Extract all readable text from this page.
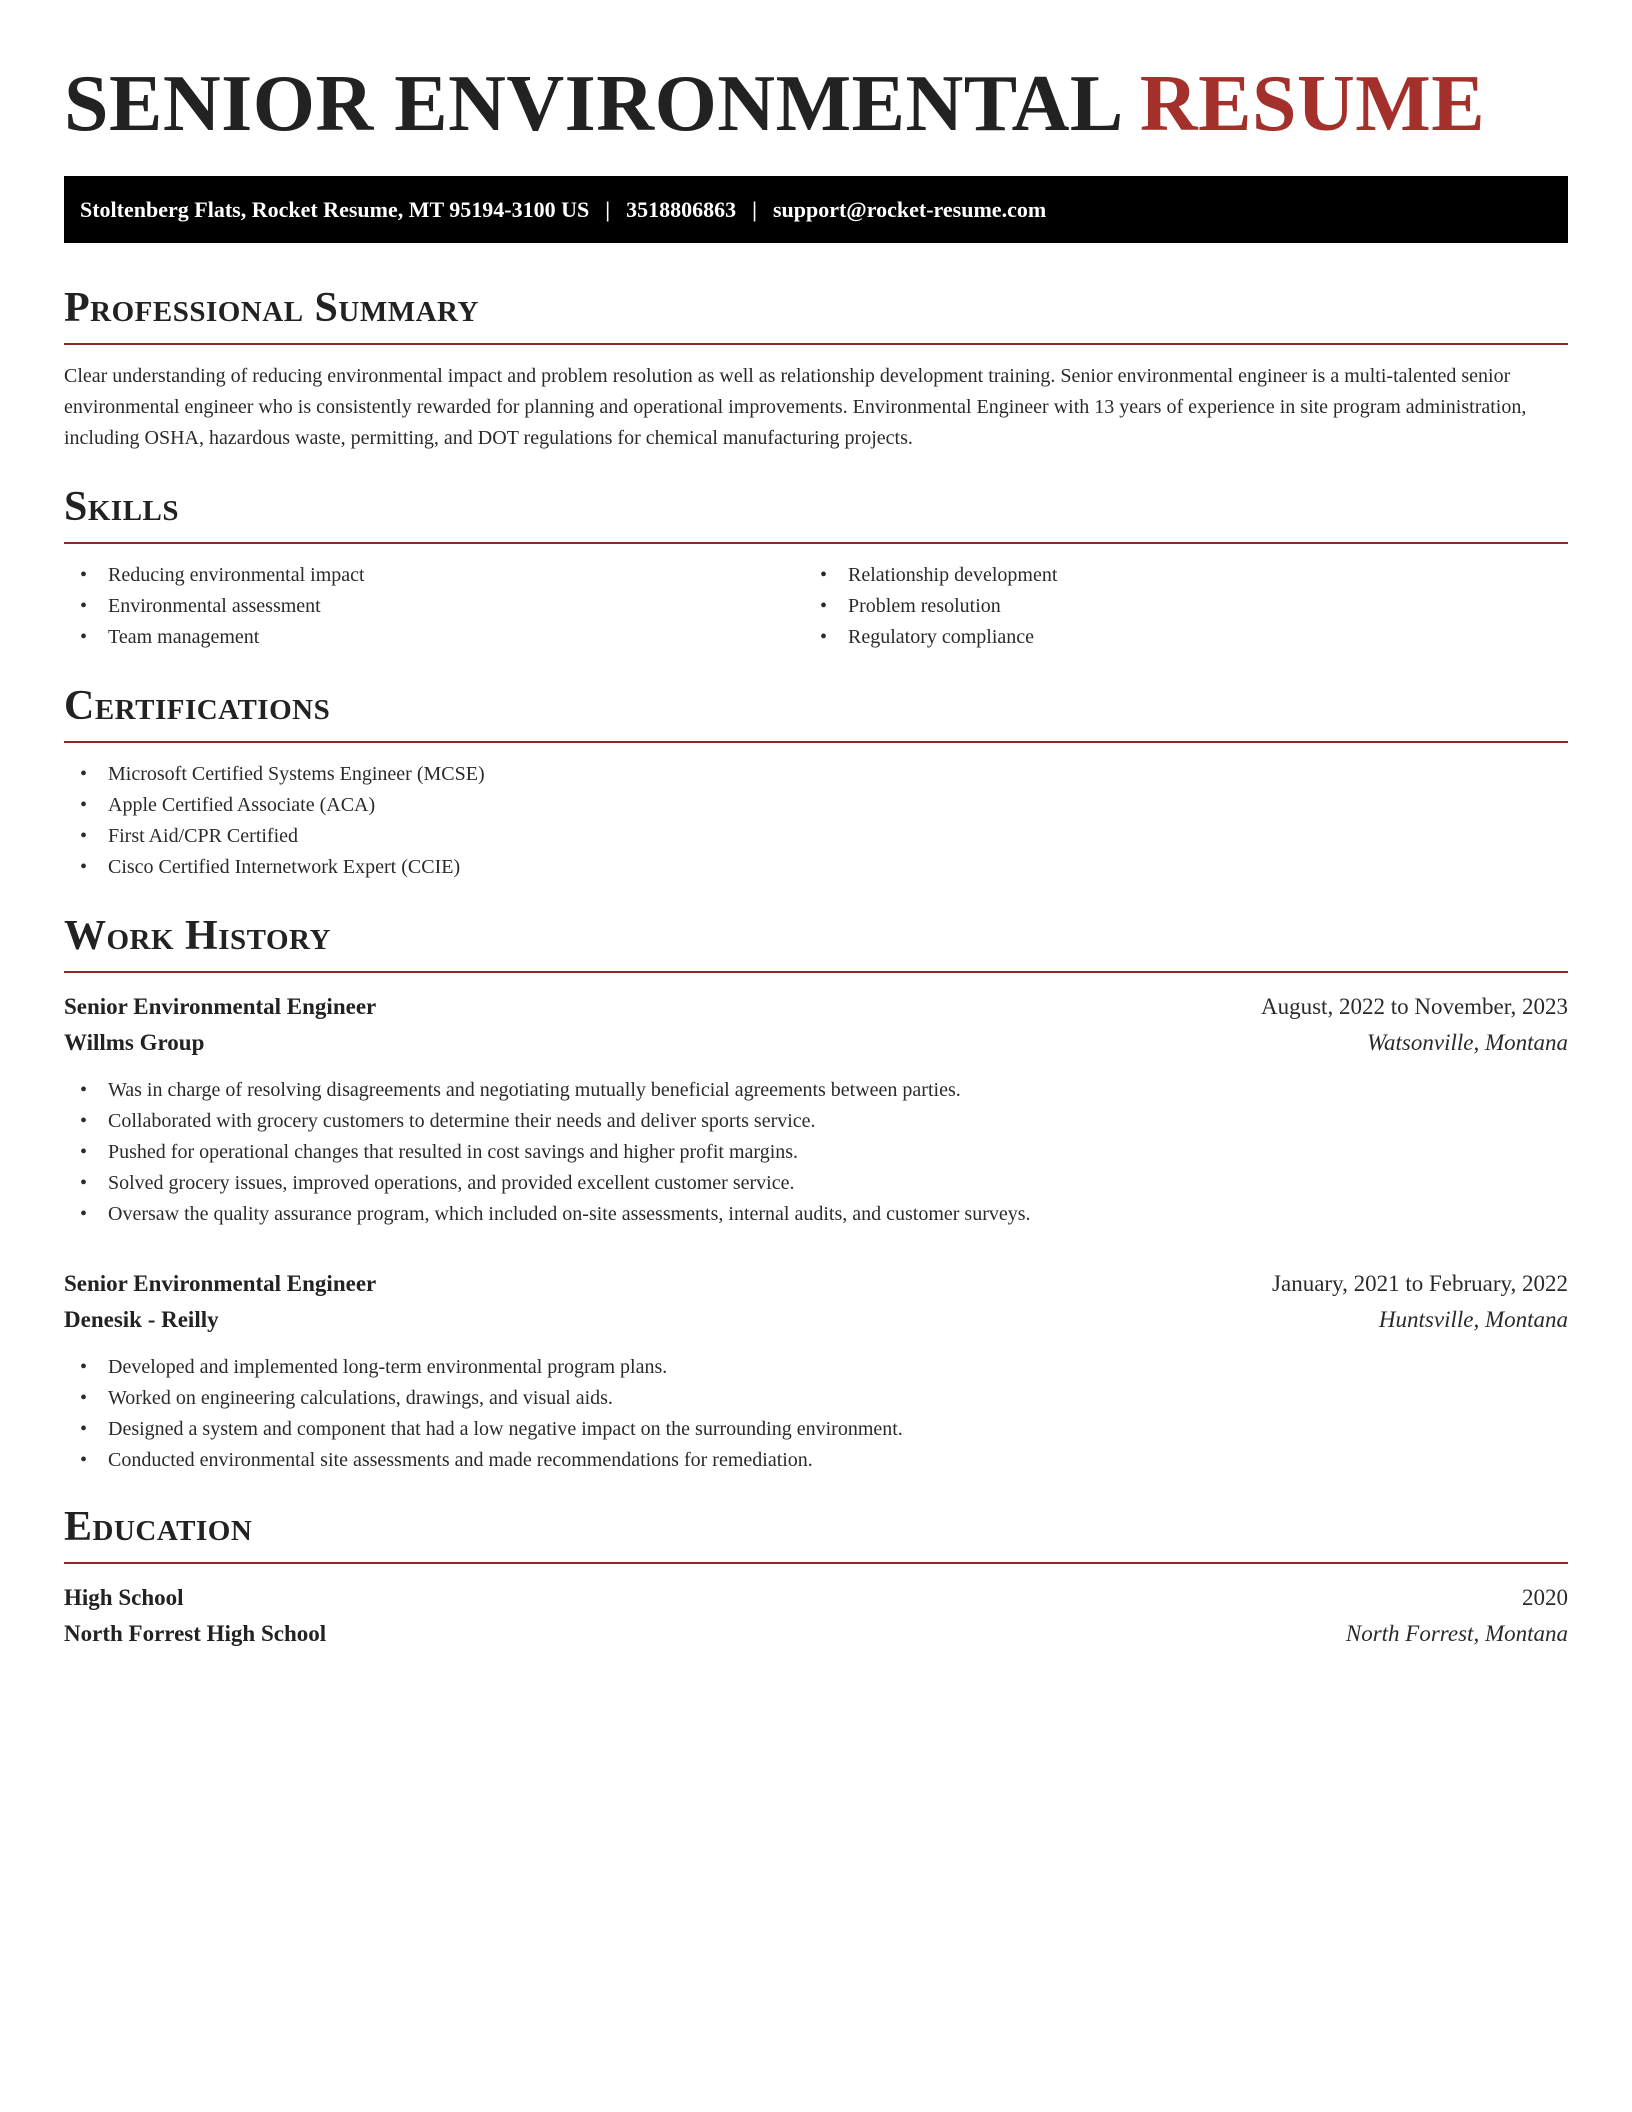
SENIOR ENVIRONMENTAL RESUME
Stoltenberg Flats, Rocket Resume, MT 95194-3100 US | 3518806863 | support@rocket-resume.com
Professional Summary

Clear understanding of reducing environmental impact and problem resolution as well as relationship development training. Senior environmental engineer is a multi-talented senior environmental engineer who is consistently rewarded for planning and operational improvements. Environmental Engineer with 13 years of experience in site program administration, including OSHA, hazardous waste, permitting, and DOT regulations for chemical manufacturing projects.

Skills
• Reducing environmental impact
• Environmental assessment
• Team management
• Relationship development
• Problem resolution
• Regulatory compliance
Certifications
• Microsoft Certified Systems Engineer (MCSE)
• Apple Certified Associate (ACA)
• First Aid/CPR Certified
• Cisco Certified Internetwork Expert (CCIE)
Work History
Senior Environmental Engineer	August, 2022 to November, 2023
Willms Group	Watsonville, Montana
• Was in charge of resolving disagreements and negotiating mutually beneficial agreements between parties.
• Collaborated with grocery customers to determine their needs and deliver sports service.
• Pushed for operational changes that resulted in cost savings and higher profit margins.
• Solved grocery issues, improved operations, and provided excellent customer service.
• Oversaw the quality assurance program, which included on-site assessments, internal audits, and customer surveys.
Senior Environmental Engineer	January, 2021 to February, 2022
Denesik - Reilly	Huntsville, Montana
• Developed and implemented long-term environmental program plans.
• Worked on engineering calculations, drawings, and visual aids.
• Designed a system and component that had a low negative impact on the surrounding environment.
• Conducted environmental site assessments and made recommendations for remediation.
Education
High School	2020
North Forrest High School	North Forrest, Montana
